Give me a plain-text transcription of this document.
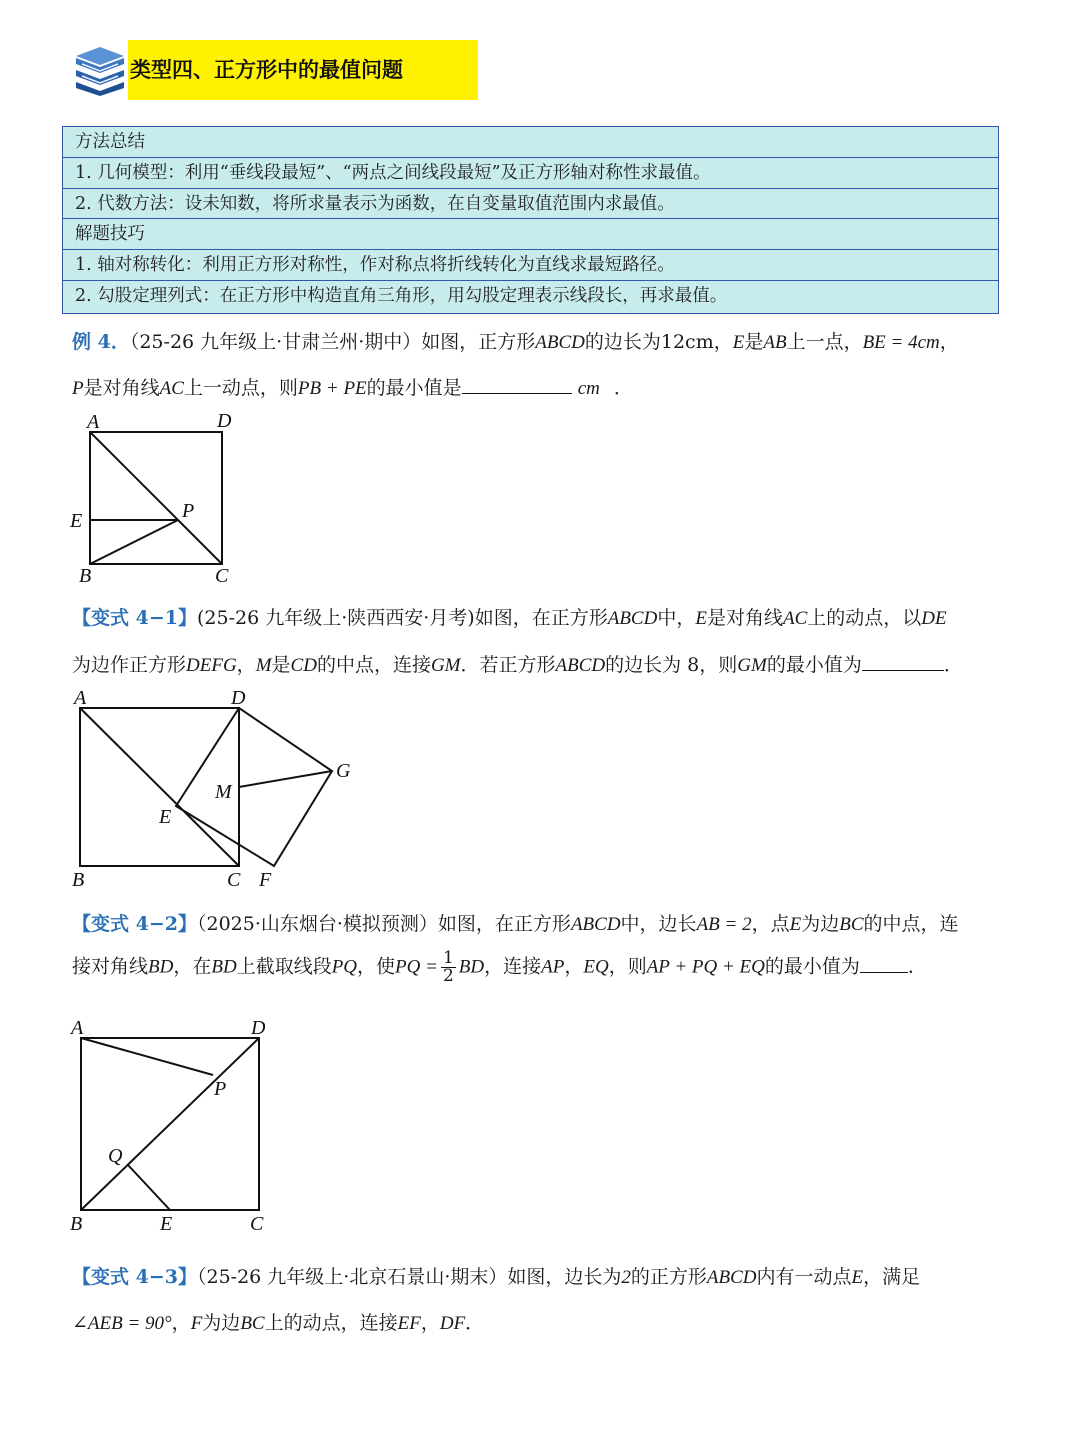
类型四、正方形中的最值问题
方法总结
1. 几何模型：利用“垂线段最短”、“两点之间线段最短”及正方形轴对称性求最值。
2. 代数方法：设未知数，将所求量表示为函数，在自变量取值范围内求最值。
解题技巧
1. 轴对称转化：利用正方形对称性，作对称点将折线转化为直线求最短路径。
2. 勾股定理列式：在正方形中构造直角三角形，用勾股定理表示线段长，再求最值。
例 4．（25-26 九年级上·甘肃兰州·期中）如图，正方形ABCD的边长为12cm，E是AB上一点，BE = 4cm，
P是对角线AC上一动点，则PB + PE的最小值是	cm ．
A	D
E	P
B	C
【变式 4−1】(25-26 九年级上·陕西西安·月考)如图，在正方形ABCD中，E是对角线AC上的动点，以DE
为边作正方形DEFG，M是CD的中点，连接GM．若正方形ABCD的边长为 8，则GM的最小值为	．
A	D
G
M
E
B	C F
【变式 4−2】（2025·山东烟台·模拟预测）如图，在正方形ABCD中，边长AB = 2，点E为边BC的中点，连
接对角线BD，在BD上截取线段PQ，使PQ = $\frac{1}{2}$ BD，连接AP，EQ，则AP + PQ + EQ的最小值为	．
A	D
P
Q
B	E	C
【变式 4−3】（25-26 九年级上·北京石景山·期末）如图，边长为2的正方形ABCD内有一动点E，满足
∠AEB = 90°，F为边BC上的动点，连接EF，DF．
